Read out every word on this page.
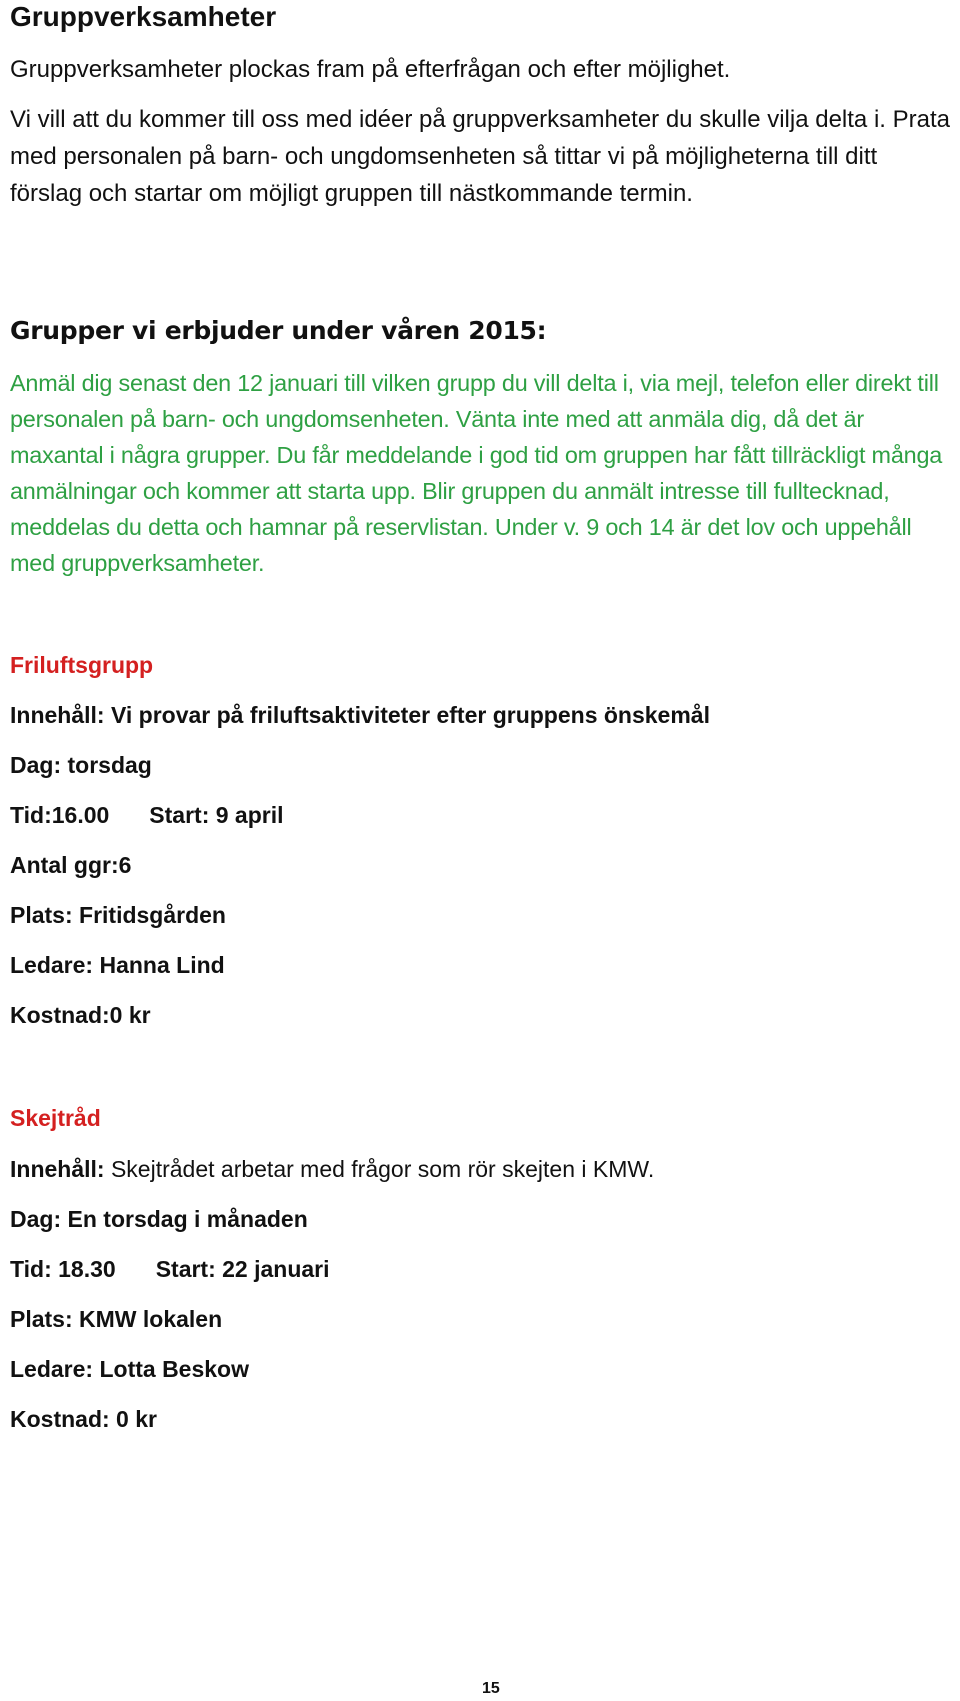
Gruppverksamheter

Gruppverksamheter plockas fram på efterfrågan och efter möjlighet.

Vi vill att du kommer till oss med idéer på gruppverksamheter du skulle vilja delta i. Prata med personalen på barn- och ungdomsenheten så tittar vi på möjligheterna till ditt förslag och startar om möjligt gruppen till nästkommande termin.

Grupper vi erbjuder under våren 2015:

Anmäl dig senast den 12 januari till vilken grupp du vill delta i, via mejl, telefon eller direkt till personalen på barn- och ungdomsenheten. Vänta inte med att anmäla dig, då det är maxantal i några grupper. Du får meddelande i god tid om gruppen har fått tillräckligt många anmälningar och kommer att starta upp. Blir gruppen du anmält intresse till fulltecknad, meddelas du detta och hamnar på reservlistan. Under v. 9 och 14 är det lov och uppehåll med gruppverksamheter.

Friluftsgrupp
Innehåll: Vi provar på friluftsaktiviteter efter gruppens önskemål
Dag: torsdag
Tid:16.00 Start: 9 april
Antal ggr:6
Plats: Fritidsgården
Ledare: Hanna Lind
Kostnad:0 kr
Skejtråd
Innehåll: Skejtrådet arbetar med frågor som rör skejten i KMW.
Dag: En torsdag i månaden
Tid: 18.30 Start: 22 januari
Plats: KMW lokalen
Ledare: Lotta Beskow
Kostnad: 0 kr
15
